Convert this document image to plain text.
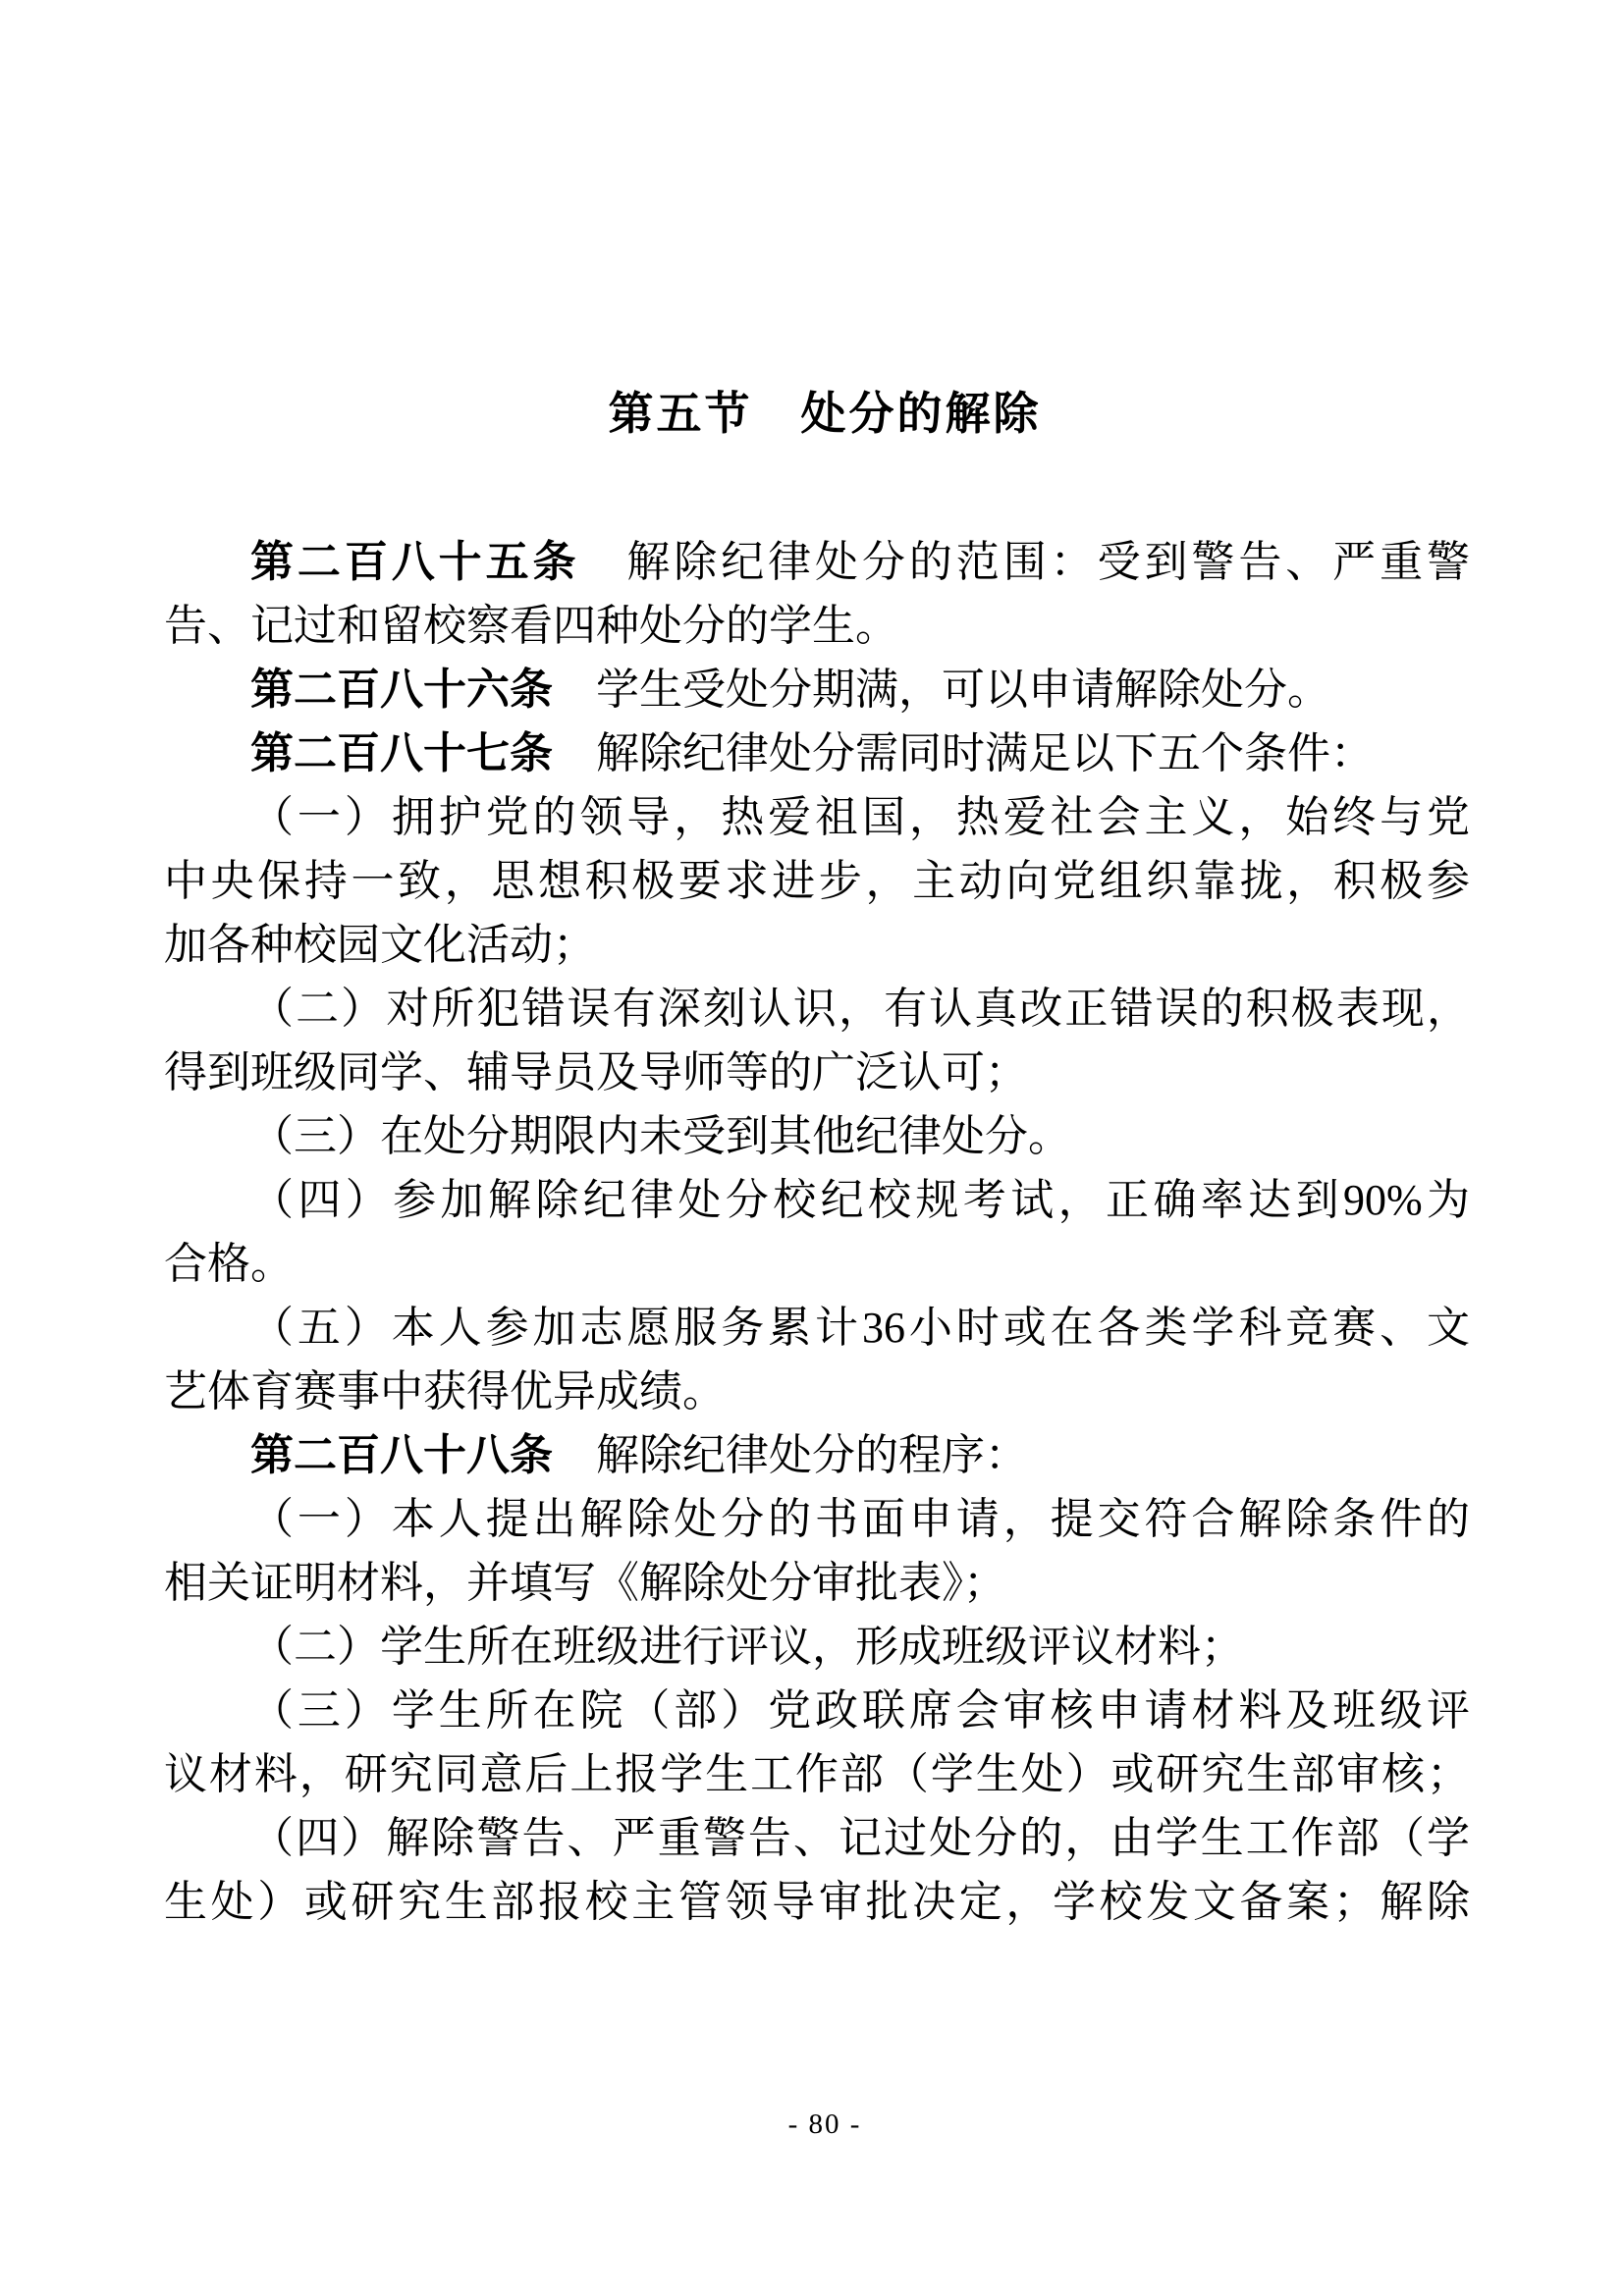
第五节　处分的解除
第二百八十五条　解除纪律处分的范围：受到警告、严重警
告、记过和留校察看四种处分的学生。
第二百八十六条　学生受处分期满，可以申请解除处分。
第二百八十七条　解除纪律处分需同时满足以下五个条件：
（一）拥护党的领导，热爱祖国，热爱社会主义，始终与党
中央保持一致，思想积极要求进步，主动向党组织靠拢，积极参
加各种校园文化活动；
（二）对所犯错误有深刻认识，有认真改正错误的积极表现，
得到班级同学、辅导员及导师等的广泛认可；
（三）在处分期限内未受到其他纪律处分。
（四）参加解除纪律处分校纪校规考试，正确率达到90%为
合格。
（五）本人参加志愿服务累计36小时或在各类学科竞赛、文
艺体育赛事中获得优异成绩。
第二百八十八条　解除纪律处分的程序：
（一）本人提出解除处分的书面申请，提交符合解除条件的
相关证明材料，并填写《解除处分审批表》；
（二）学生所在班级进行评议，形成班级评议材料；
（三）学生所在院（部）党政联席会审核申请材料及班级评
议材料，研究同意后上报学生工作部（学生处）或研究生部审核；
（四）解除警告、严重警告、记过处分的，由学生工作部（学
生处）或研究生部报校主管领导审批决定，学校发文备案；解除
- 80 -
